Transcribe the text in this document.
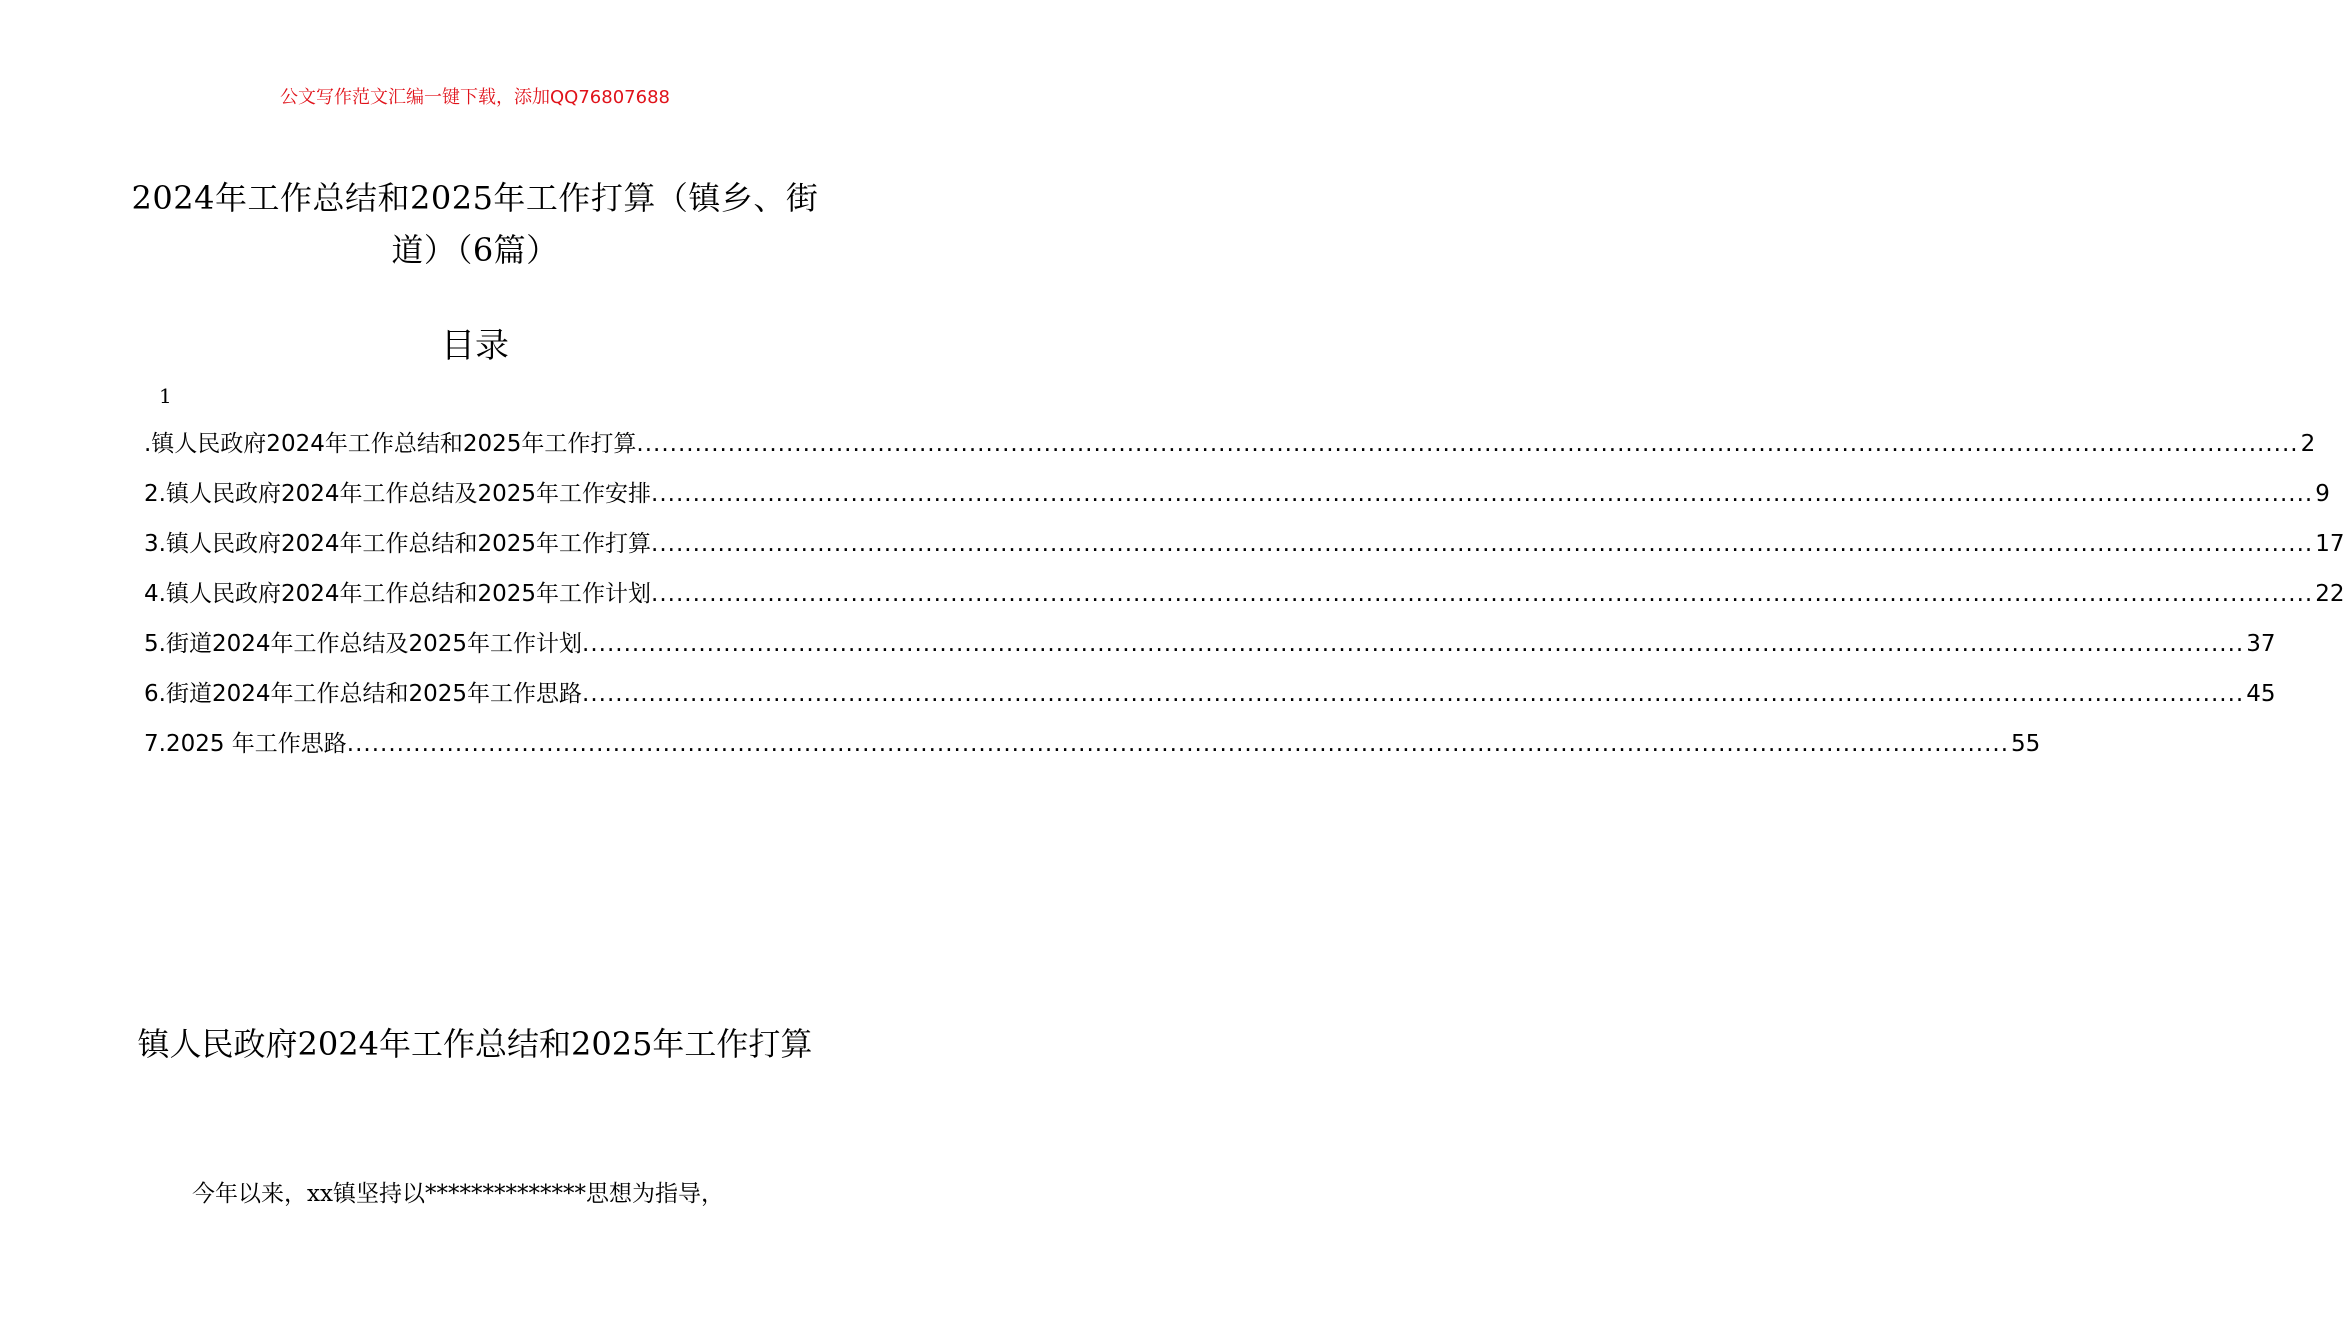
公文写作范文汇编一键下载，添加QQ76807688
2024年工作总结和2025年工作打算（镇乡、街道）（6篇）
目录
1
.镇人民政府2024年工作总结和2025年工作打算 ........................................................................................................................................................................................................ 2
2.镇人民政府2024年工作总结及2025年工作安排 ........................................................................................................................................................................................................ 9
3.镇人民政府2024年工作总结和2025年工作打算 ........................................................................................................................................................................................................ 17
4.镇人民政府2024年工作总结和2025年工作计划 ........................................................................................................................................................................................................ 22
5.街道2024年工作总结及2025年工作计划 ........................................................................................................................................................................................................ 37
6.街道2024年工作总结和2025年工作思路 ........................................................................................................................................................................................................ 45
7.2025 年工作思路 ........................................................................................................................................................................................................ 55
镇人民政府2024年工作总结和2025年工作打算
今年以来，xx镇坚持以**************思想为指导，
